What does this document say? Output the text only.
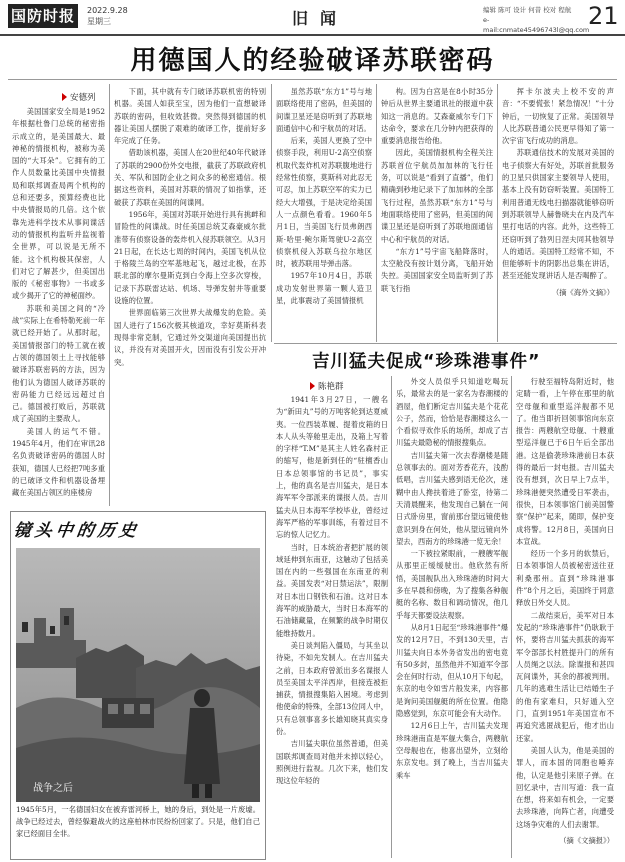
国防时报	2022.9.28
星期三	旧闻	编辑 陈可 设计 何昔 校对 程航
e-mail:cnmate45496743l@qq.com
21
用德国人的经验破译苏联密码
安德列

美国国家安全局是1952年根据杜鲁门总统的秘密指示成立的，是美国最大、最神秘的情报机构，被称为美国的“大耳朵”。它拥有的工作人员数量比美国中央情报局和联邦调查局两个机构的总和还要多，预算经费也比中央情报局的几倍。这个依靠先进科学技术从事间谍活动的情报机构监听并监视着全世界，可以说是无所不能。这个机构极其保密，人们对它了解甚少，但美国出版的《秘密事物》一书或多或少揭开了它的神秘面纱。

苏联和美国之间的“冷战”实际上在希特勒死前一年就已经开始了。从那时起，美国情报部门的特工就在被占领的德国领土上寻找能够破译苏联密码的方法，因为他们认为德国人破译苏联的密码能力已经远远超过自己。德国被打败后，苏联就成了美国的主要敌人。

美国人的运气不错。1945年4月，他们在审讯28名负责破译密码的德国人时获知，德国人已经把7吨多重的已破译文件和机器设备埋藏在美国占领区的座楼房

下面，其中就有专门破译苏联机密的特别机器。美国人如获至宝，因为他们一直想破译苏联的密码，但收效甚微。突然得到德国的机器让美国人摆脱了艰难的破译工作，提前好多年完成了任务。

借助该机器，美国人在20世纪40年代破译了苏联的2900份外交电报，截获了苏联政府机关、军队和国防企业之间众多的秘密通信。根据这些资料，美国对苏联的情况了如指掌，还破获了苏联在美国的间谍网。

1956年，美国对苏联开始进行具有挑衅和冒险性的间谍战。时任美国总统艾森豪威尔批准带有侦察设备的轰炸机入侵苏联领空。从3月21日起，在长达七周的时间内，美国飞机从位于格陵兰岛的空军基地起飞，越过北极，在苏联北部的摩尔曼斯克到白令海上空多次穿梭，记录下苏联雷达站、机场、导弹发射井等重要设施的位置。

世界面临第三次世界大战爆发的危险。美国人进行了156次极其核道攻，幸好莫斯科表现得非常克制，它通过外交渠道向美国提出抗议，并没有对美国开火，因而没有引发公开冲突。

虽然苏联“东方1”号与地面联络使用了密码，但美国的间谍卫星还是窃听到了苏联地面通信中心和宇航员的对话。

后来，美国人更换了空中侦察手段，利用U-2高空侦察机取代轰炸机对苏联腹地进行经常性侦察，莫斯科对此忍无可忍，加上苏联空军的实力已经大大增强，于是决定给美国人一点颜色看看。1960年5月1日，当美国飞行员弗朗西斯·哈里·鲍尔斯驾驶U-2高空侦察机侵入苏联乌拉尔地区时，被苏联用导弹击落。

1957年10月4日，苏联成功发射世界第一颗人造卫星，此事震动了美国情报机

构。因为白宫是在8小时35分钟后从世界主要通讯社的报道中获知这一消息的。艾森豪威尔专门下达命令，要求在几分钟内把获得的重要消息报告给他。

因此，美国情报机构全程关注苏联首位宇航员加加林的飞行任务，可以说是“看到了直播”，他们精确到秒地记录下了加加林的全部飞行过程，虽然苏联“东方1”号与地面联络使用了密码，但美国的间谍卫星还是窃听到了苏联地面通信中心和宇航员的对话。

“东方1”号宇宙飞船降落时，太空舱没有按计划分离，飞船开始失控。美国国家安全局监听到了苏联飞行指

挥卡尔波夫上校不安的声音：“不要慌张！紧急情况！”十分钟后，一切恢复了正常。美国领导人比苏联普通公民更早得知了第一次宇宙飞行成功的消息。

苏联通信技术的发展对美国的电子侦察大有好处，苏联首批服务的卫星只供国家主要领导人使用，基本上没有防窃听装置。美国特工利用普通无线电扫描器就能够窃听到苏联领导人赫鲁晓夫在内及汽车里打电话的内容。此外，这些特工还窃听到了勃列日涅夫同其他领导人的通话。美国特工经常不知，不但能够听卡的阴影出总集在讲话，甚至还能发现讲话人是否喝醉了。

（摘《海外文摘》）
吉川猛夫促成“珍珠港事件”
陈艳群

1941年3月27日，一艘名为“新田丸”号的万吨客轮到达夏威夷。一位西装革履、提着皮箱的日本人从头等舱里走出，及箱上写着的字样“T.M”是其主人姓名森村正的缩写，他是新到任的“驻檀香山日本总领事馆的书记员”，事实上，他的真名是吉川猛夫，是日本海军军令部派来的谍报人员。吉川猛夫从日本海军学校毕业，曾经过海军严格的军事训练，有着过目不忘的惊人记忆力。

当时，日本统治者把扩展的领域延伸到东南亚，这触动了包括美国在内的一些强国在东南亚的利益。美国发表“对日禁运法”，限制对日本出口钢铁和石油。这对日本海军的威胁最大，当时日本海军的石油储藏量，在频繁的战争时期仅能维持数月。

美日谈判陷入僵局，与其坐以待毙，不如先发制人。在吉川猛夫之前，日本政府曾派出多名谍报人员至美国太平洋西岸，但接连被拒捕获，情报搜集陷入困境。考虑到他使命的特殊，全部13位同人中，只有总领事喜多长雄知晓其真实身份。

吉川猛夫职位虽然普通，但美国联邦调查局对他并未掉以轻心，照例进行监视。几次下来，他们发现这位年轻的

外交人员似乎只知道吃喝玩乐，最常去的是一家名为春潮楼的酒屋，他们断定吉川猛夫是个花花公子，然而，恰恰是春潮楼这么一个看似寻欢作乐的场所，却成了吉川猛夫最隐秘的情报搜集点。

吉川猛夫第一次去春潮楼是随总领事去的。面对芳香花卉，浅酌低唱，吉川猛夫感到语无伦次，迷糊中由人搀扶着进了卧室，待第二天清晨醒来，他发现自己躺在一间日式卧房里，窗前那台望远镜使他意识到身在何处，他从望远镜向外望去，西南方的珍珠港一览无余！

一下被拉紧眼前，一艘艘军舰从那里正缓缓驶出。他欣然有所悟，美国舰队出入珍珠港的时间大多在早晨和傍晚，为了搜集各种舰艇的名称、数目和调动情况，他几乎每天都要设法观察。

从8月1日起至“珍珠港事件”爆发的12月7日，不到130天里，吉川猛夫向日本外务省发出的密电竟有50多封，虽然他并不知道军令部会在何时行动，但从10月下旬起，东京的电令如雪片般发来，内容都是询问美国舰艇的所在位置。他隐隐感觉到，东京可能会有大动作。

12月6日上午，吉川猛夫发现珍珠港南直是军舰大集合，两艘航空母舰也在，他喜出望外，立刻给东京发电。到了晚上，当吉川猛夫乘车

行驶至福特岛附近时，他定睛一看，上午停在那里的航空母舰和重型巡洋舰都不见了。他当即折回领事馆向东京报告：两艘航空母舰、十艘重型巡洋舰已于6日午后全部出港。这是偷袭珍珠港前日本获得的最后一封电报。吉川猛夫没有想到，次日早上7点半，珍珠港便突然遭受日军袭击，很快，日本领事馆门前美国警察“保护”起来，随即，保护变成将警。12月8日，美国向日本宣战。

经历一个多月的软禁后，日本领事馆人员被秘密送往亚利桑那州。直到“珍珠港事件”8个月之后，美国终于同意释放日外交人员。

二战结束后，美军对日本发起的“珍珠港事件”仍耿耿于怀，要将吉川猛夫抓获的海军军令部部长村胜提升门的所有人员绳之以法。除谍报和甚四瓦间谍外，其余的都被判刑。几年的逃难生活让已结婚生子的他有家难归，只好遁入空门，直到1951年美国宣布不再追究逃匿战犯后，他才出山还家。

美国人认为，他是美国的罪人，而本国的同胞也唾弃他，认定是他引来原子弹。在回忆录中，吉川写道：我一直在想，将来如有机会，一定要去珍珠港，向阵亡者，向遭受这场争灾难的人们去谢罪。

（摘《文摘报》）
镜头中的历史
战争之后
1945年5月，一名德国妇女在被弃雷河桥上，她的身后，到处是一片废墟。战争已经过去，曾经躲避战火的这座柏林市民纷纷回家了。只是，他们自己家已经面目全非。
